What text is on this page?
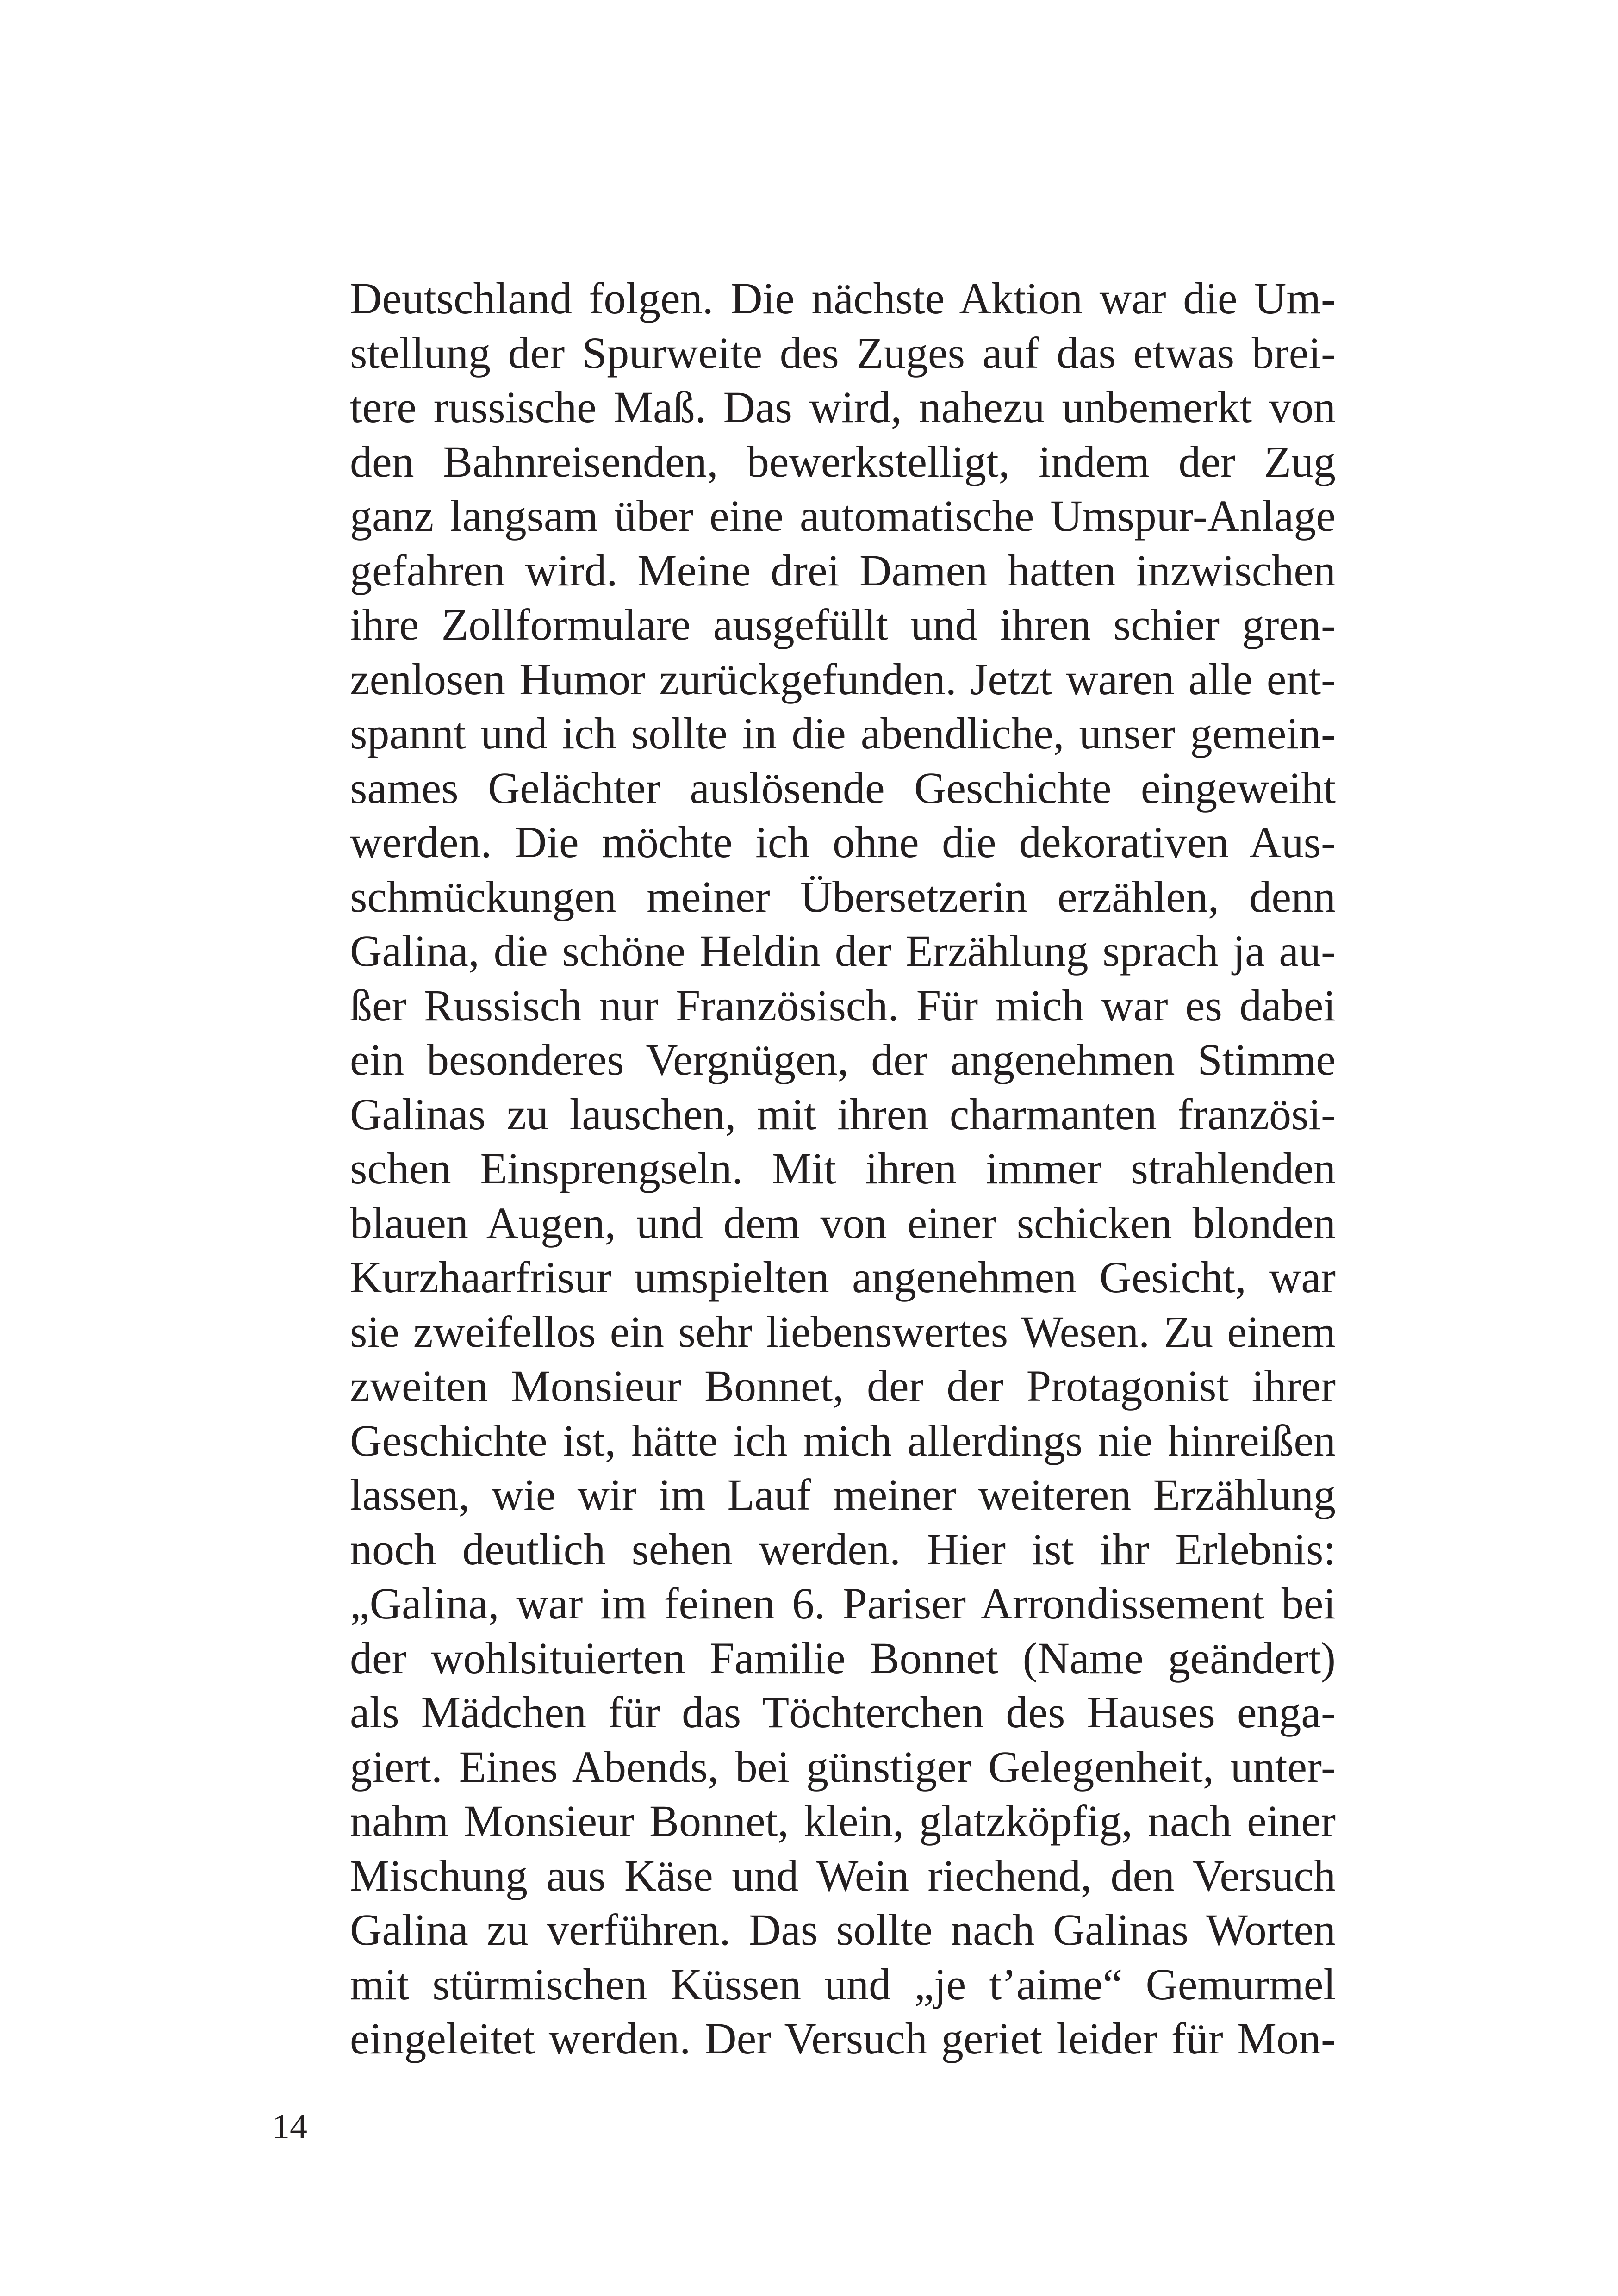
Deutschland folgen. Die nächste Aktion war die Um-
stellung der Spurweite des Zuges auf das etwas brei-
tere russische Maß. Das wird, nahezu unbemerkt von
den Bahnreisenden, bewerkstelligt, indem der Zug
ganz langsam über eine automatische Umspur-Anlage
gefahren wird. Meine drei Damen hatten inzwischen
ihre Zollformulare ausgefüllt und ihren schier gren-
zenlosen Humor zurückgefunden. Jetzt waren alle ent-
spannt und ich sollte in die abendliche, unser gemein-
sames Gelächter auslösende Geschichte eingeweiht
werden. Die möchte ich ohne die dekorativen Aus-
schmückungen meiner Übersetzerin erzählen, denn
Galina, die schöne Heldin der Erzählung sprach ja au-
ßer Russisch nur Französisch. Für mich war es dabei
ein besonderes Vergnügen, der angenehmen Stimme
Galinas zu lauschen, mit ihren charmanten französi-
schen Einsprengseln. Mit ihren immer strahlenden
blauen Augen, und dem von einer schicken blonden
Kurzhaarfrisur umspielten angenehmen Gesicht, war
sie zweifellos ein sehr liebenswertes Wesen. Zu einem
zweiten Monsieur Bonnet, der der Protagonist ihrer
Geschichte ist, hätte ich mich allerdings nie hinreißen
lassen, wie wir im Lauf meiner weiteren Erzählung
noch deutlich sehen werden. Hier ist ihr Erlebnis:
„Galina, war im feinen 6. Pariser Arrondissement bei
der wohlsituierten Familie Bonnet (Name geändert)
als Mädchen für das Töchterchen des Hauses enga-
giert. Eines Abends, bei günstiger Gelegenheit, unter-
nahm Monsieur Bonnet, klein, glatzköpfig, nach einer
Mischung aus Käse und Wein riechend, den Versuch
Galina zu verführen. Das sollte nach Galinas Worten
mit stürmischen Küssen und „je t’aime“ Gemurmel
eingeleitet werden. Der Versuch geriet leider für Mon-
14
